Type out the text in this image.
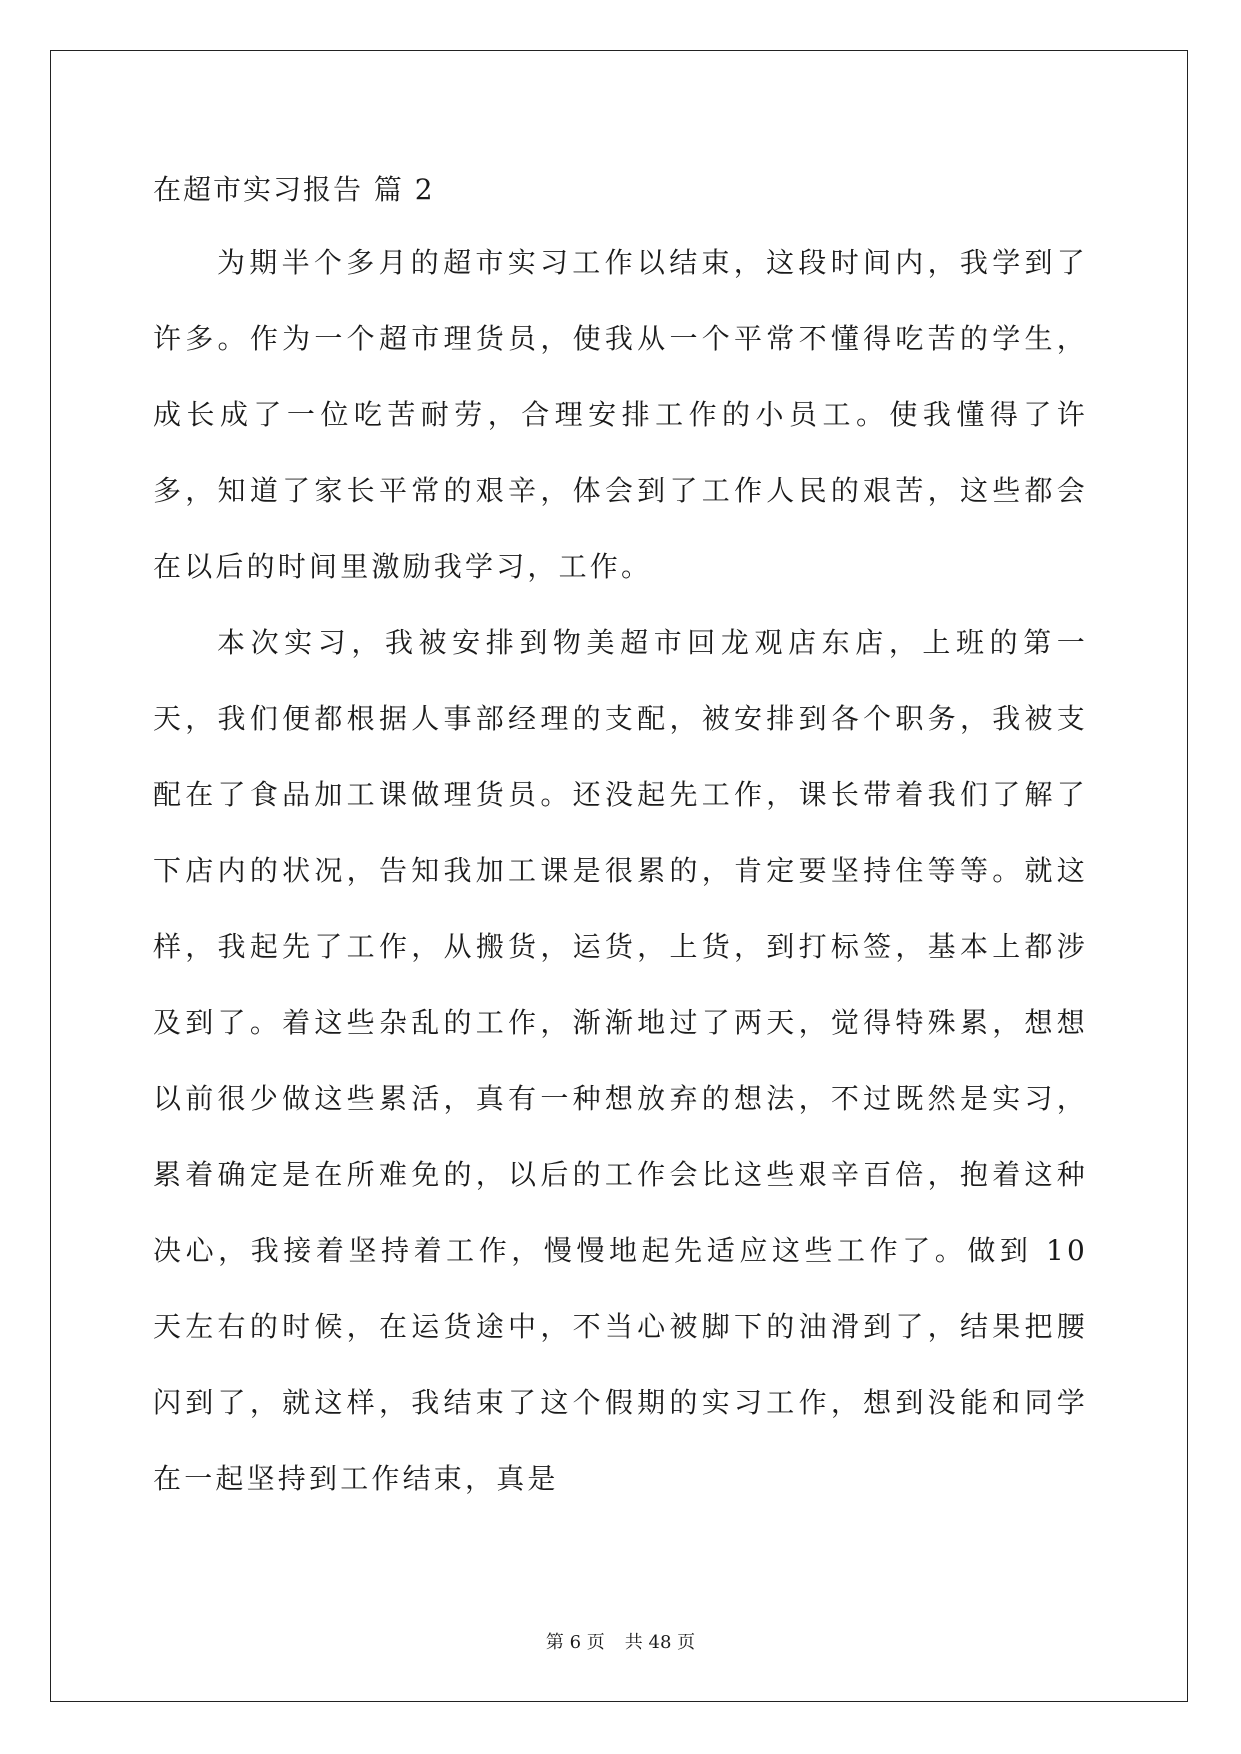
在超市实习报告 篇 2

为期半个多月的超市实习工作以结束，这段时间内，我学到了许多。作为一个超市理货员，使我从一个平常不懂得吃苦的学生，成长成了一位吃苦耐劳，合理安排工作的小员工。使我懂得了许多，知道了家长平常的艰辛，体会到了工作人民的艰苦，这些都会在以后的时间里激励我学习，工作。

本次实习，我被安排到物美超市回龙观店东店，上班的第一天，我们便都根据人事部经理的支配，被安排到各个职务，我被支配在了食品加工课做理货员。还没起先工作，课长带着我们了解了下店内的状况，告知我加工课是很累的，肯定要坚持住等等。就这样，我起先了工作，从搬货，运货，上货，到打标签，基本上都涉及到了。着这些杂乱的工作，渐渐地过了两天，觉得特殊累，想想以前很少做这些累活，真有一种想放弃的想法，不过既然是实习，累着确定是在所难免的，以后的工作会比这些艰辛百倍，抱着这种决心，我接着坚持着工作，慢慢地起先适应这些工作了。做到 10 天左右的时候，在运货途中，不当心被脚下的油滑到了，结果把腰闪到了，就这样，我结束了这个假期的实习工作，想到没能和同学在一起坚持到工作结束，真是

第 6 页 共 48 页
